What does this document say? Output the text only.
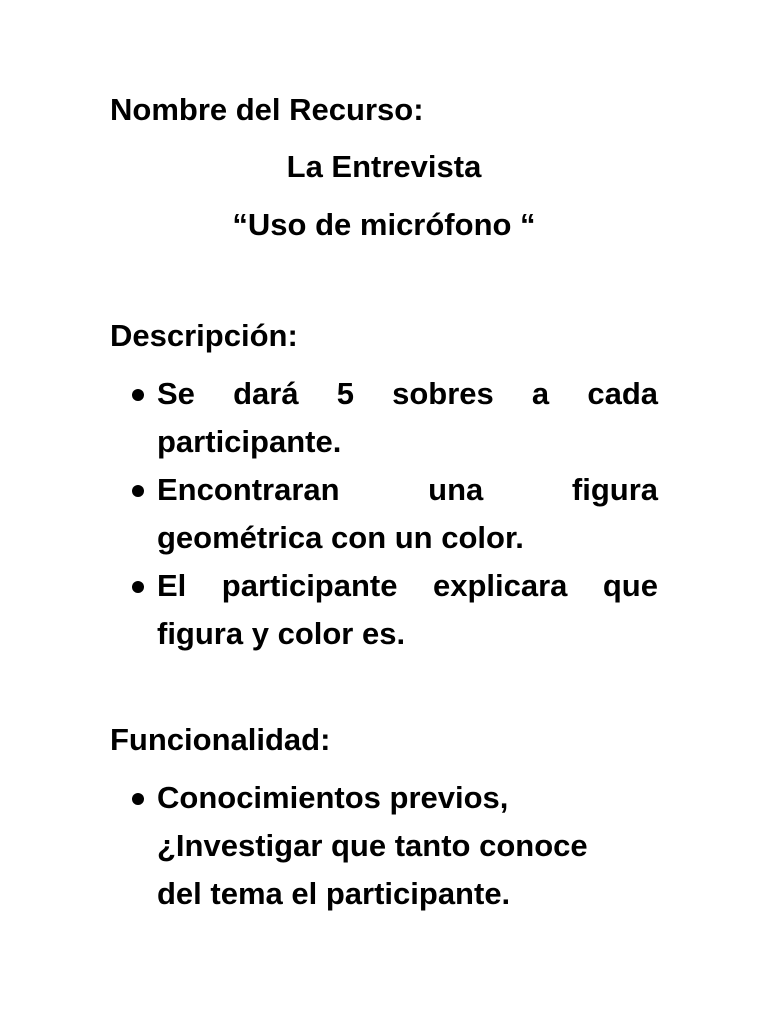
Nombre del Recurso:

La Entrevista

“Uso de micrófono “

Descripción:

Se dará 5 sobres a cada participante.
Encontraran una figura geométrica con un color.
El participante explicara que figura y color es.

Funcionalidad:

Conocimientos previos, ¿Investigar que tanto conoce del tema el participante.
